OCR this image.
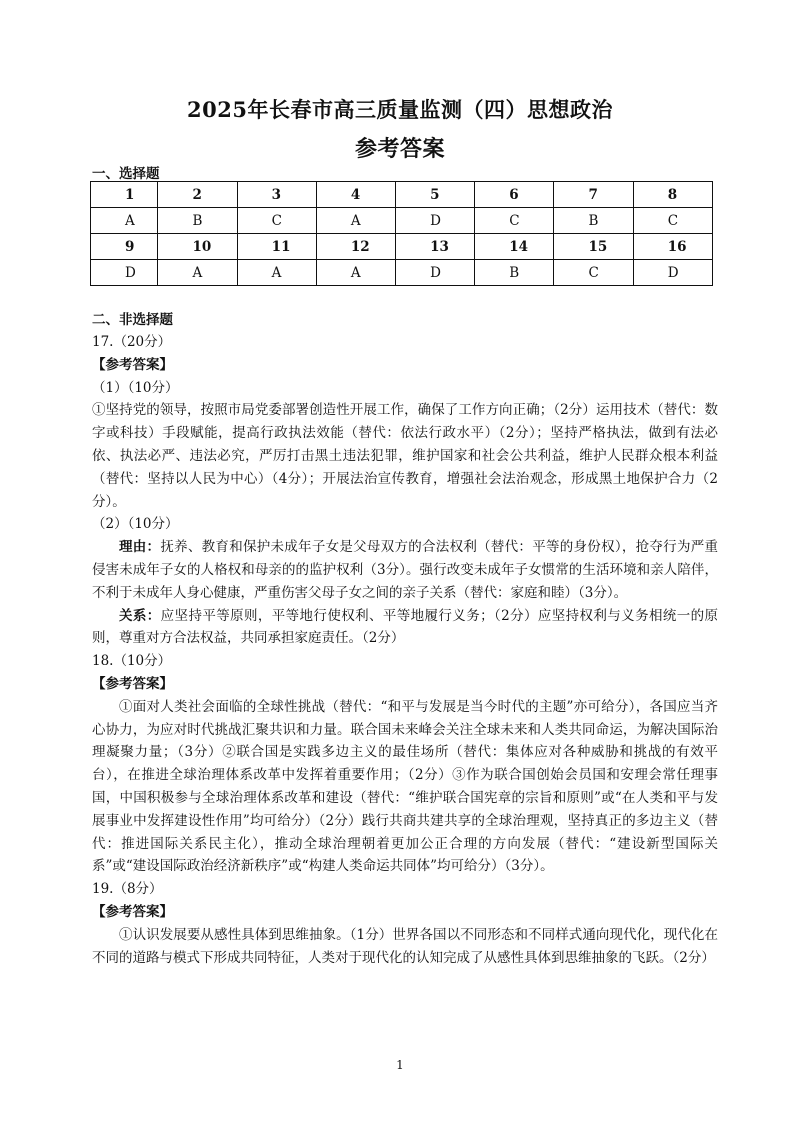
2025年长春市高三质量监测（四）思想政治
参考答案
一、选择题
1	2	3	4	5	6	7	8
A	B	C	A	D	C	B	C
9	10	11	12	13	14	15	16
D	A	A	A	D	B	C	D
二、非选择题

17.（20分）

【参考答案】

（1）（10分）

①坚持党的领导，按照市局党委部署创造性开展工作，确保了工作方向正确；（2分）运用技术（替代：数字或科技）手段赋能，提高行政执法效能（替代：依法行政水平）（2分）；坚持严格执法，做到有法必依、执法必严、违法必究，严厉打击黑土违法犯罪，维护国家和社会公共利益，维护人民群众根本利益（替代：坚持以人民为中心）（4分）；开展法治宣传教育，增强社会法治观念，形成黑土地保护合力（2分）。

（2）（10分）

理由：抚养、教育和保护未成年子女是父母双方的合法权利（替代：平等的身份权），抢夺行为严重侵害未成年子女的人格权和母亲的的监护权利（3分）。强行改变未成年子女惯常的生活环境和亲人陪伴，不利于未成年人身心健康，严重伤害父母子女之间的亲子关系（替代：家庭和睦）（3分）。

关系：应坚持平等原则，平等地行使权利、平等地履行义务；（2分）应坚持权利与义务相统一的原则，尊重对方合法权益，共同承担家庭责任。（2分）

18.（10分）

【参考答案】

①面对人类社会面临的全球性挑战（替代：“和平与发展是当今时代的主题”亦可给分），各国应当齐心协力，为应对时代挑战汇聚共识和力量。联合国未来峰会关注全球未来和人类共同命运，为解决国际治理凝聚力量；（3分）②联合国是实践多边主义的最佳场所（替代：集体应对各种威胁和挑战的有效平台），在推进全球治理体系改革中发挥着重要作用；（2分）③作为联合国创始会员国和安理会常任理事国，中国积极参与全球治理体系改革和建设（替代：“维护联合国宪章的宗旨和原则”或“在人类和平与发展事业中发挥建设性作用”均可给分）（2分）践行共商共建共享的全球治理观，坚持真正的多边主义（替代：推进国际关系民主化），推动全球治理朝着更加公正合理的方向发展（替代：“建设新型国际关系”或“建设国际政治经济新秩序”或“构建人类命运共同体”均可给分）（3分）。

19.（8分）

【参考答案】

①认识发展要从感性具体到思维抽象。（1分）世界各国以不同形态和不同样式通向现代化，现代化在不同的道路与模式下形成共同特征，人类对于现代化的认知完成了从感性具体到思维抽象的飞跃。（2分）

1
